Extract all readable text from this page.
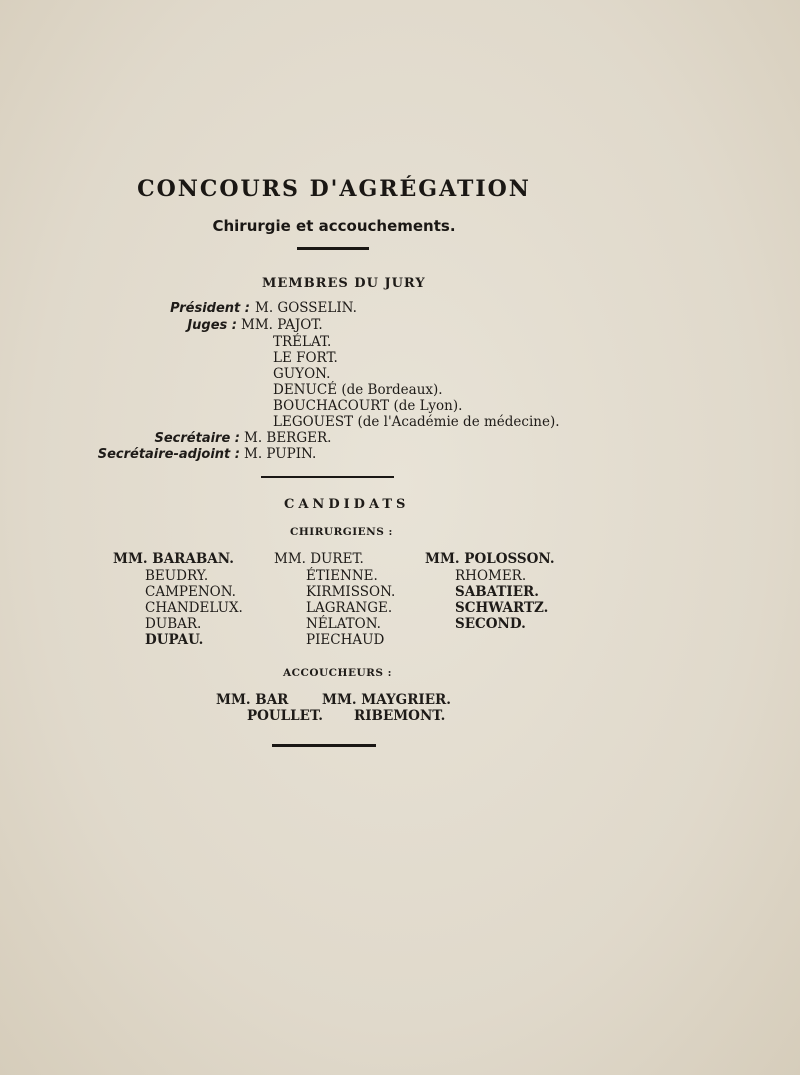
CONCOURS D'AGRÉGATION
Chirurgie et accouchements.
MEMBRES DU JURY
Président : M. GOSSELIN.
Juges : MM. PAJOT.
TRÉLAT.
LE FORT.
GUYON.
DENUCÉ (de Bordeaux).
BOUCHACOURT (de Lyon).
LEGOUEST (de l'Académie de médecine).
Secrétaire : M. BERGER.
Secrétaire-adjoint : M. PUPIN.
CANDIDATS
CHIRURGIENS :
MM. BARABAN.
BEUDRY.
CAMPENON.
CHANDELUX.
DUBAR.
DUPAU.
MM. DURET.
ÉTIENNE.
KIRMISSON.
LAGRANGE.
NÉLATON.
PIECHAUD
MM. POLOSSON.
RHOMER.
SABATIER.
SCHWARTZ.
SECOND.
ACCOUCHEURS :
MM. BAR
POULLET.
MM. MAYGRIER.
RIBEMONT.
